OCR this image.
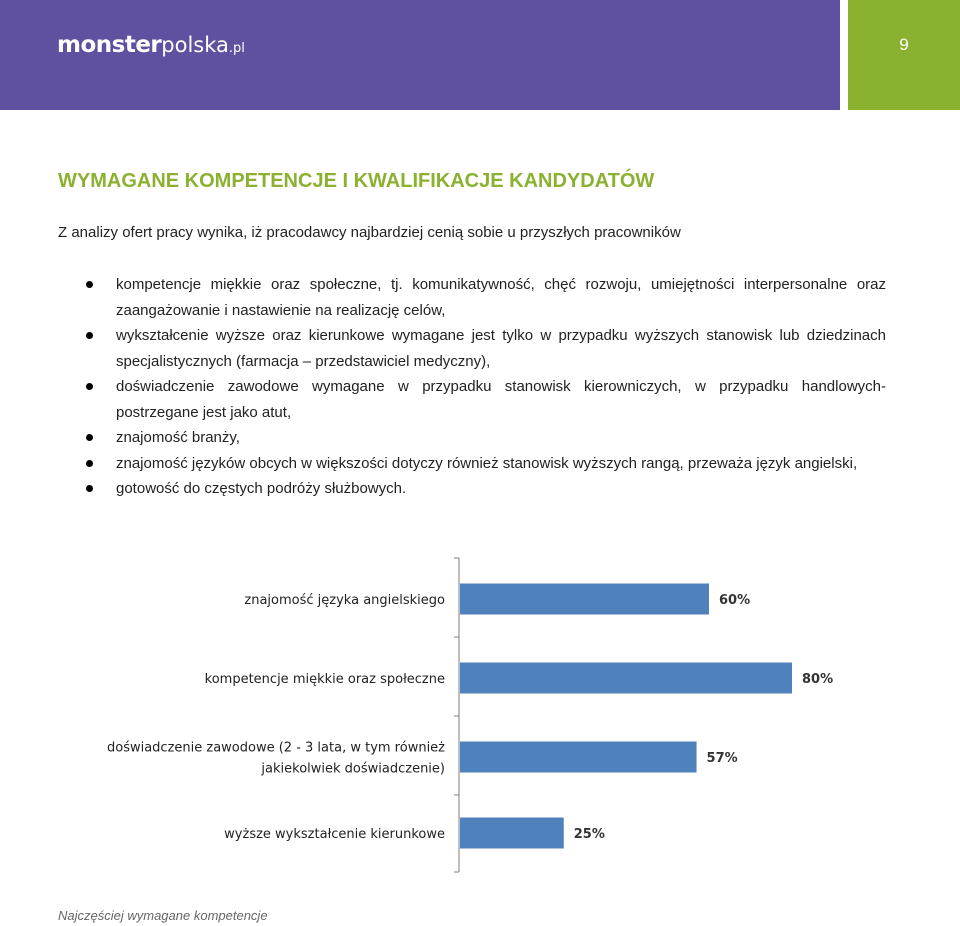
monsterpolska.pl	9
WYMAGANE KOMPETENCJE I KWALIFIKACJE KANDYDATÓW
Z analizy ofert pracy wynika, iż pracodawcy najbardziej cenią sobie u przyszłych pracowników
kompetencje miękkie oraz społeczne, tj. komunikatywność, chęć rozwoju, umiejętności interpersonalne oraz zaangażowanie i nastawienie na realizację celów,
wykształcenie wyższe oraz kierunkowe wymagane jest tylko w przypadku wyższych stanowisk lub dziedzinach specjalistycznych (farmacja – przedstawiciel medyczny),
doświadczenie zawodowe wymagane w przypadku stanowisk kierowniczych, w przypadku handlowych- postrzegane jest jako atut,
znajomość branży,
znajomość języków obcych w większości dotyczy również stanowisk wyższych rangą, przeważa język angielski,
gotowość do częstych podróży służbowych.
60%
znajomość języka angielskiego
80%
kompetencje miękkie oraz społeczne
57%
doświadczenie zawodowe (2 - 3 lata, w tym również
jakiekolwiek doświadczenie)
25%
wyższe wykształcenie kierunkowe
Najczęściej wymagane kompetencje
